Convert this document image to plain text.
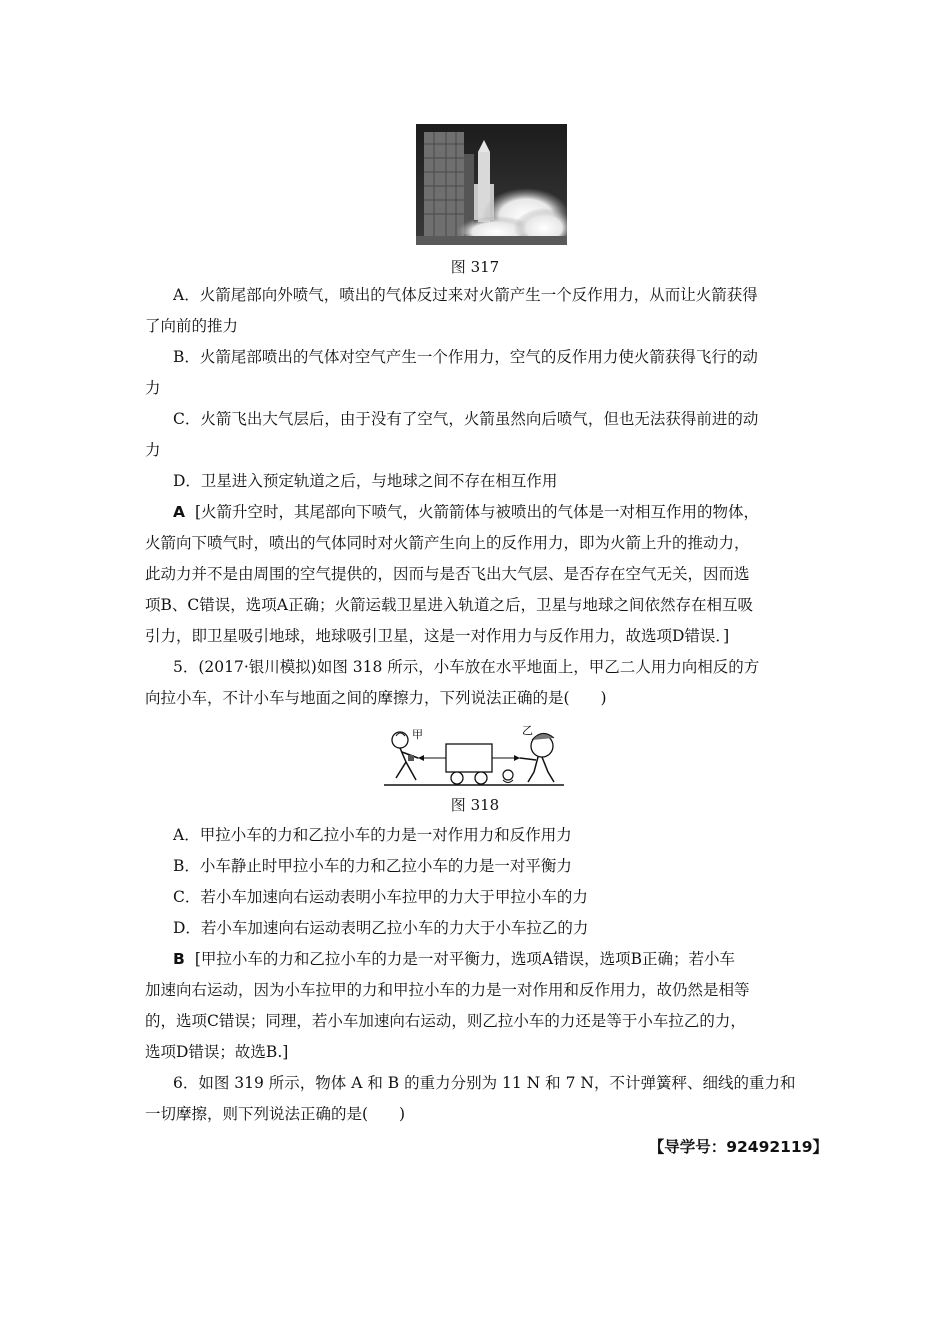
图 317
A．火箭尾部向外喷气，喷出的气体反过来对火箭产生一个反作用力，从而让火箭获得
了向前的推力
B．火箭尾部喷出的气体对空气产生一个作用力，空气的反作用力使火箭获得飞行的动
力
C．火箭飞出大气层后，由于没有了空气，火箭虽然向后喷气，但也无法获得前进的动
力
D．卫星进入预定轨道之后，与地球之间不存在相互作用
A [火箭升空时，其尾部向下喷气，火箭箭体与被喷出的气体是一对相互作用的物体，
火箭向下喷气时，喷出的气体同时对火箭产生向上的反作用力，即为火箭上升的推动力，
此动力并不是由周围的空气提供的，因而与是否飞出大气层、是否存在空气无关，因而选
项B、C错误，选项A正确；火箭运载卫星进入轨道之后，卫星与地球之间依然存在相互吸
引力，即卫星吸引地球，地球吸引卫星，这是一对作用力与反作用力，故选项D错误．]
5．(2017·银川模拟)如图 318 所示，小车放在水平地面上，甲乙二人用力向相反的方
向拉小车，不计小车与地面之间的摩擦力，下列说法正确的是(　　)
甲	乙
图 318
A．甲拉小车的力和乙拉小车的力是一对作用力和反作用力
B．小车静止时甲拉小车的力和乙拉小车的力是一对平衡力
C．若小车加速向右运动表明小车拉甲的力大于甲拉小车的力
D．若小车加速向右运动表明乙拉小车的力大于小车拉乙的力
B [甲拉小车的力和乙拉小车的力是一对平衡力，选项A错误，选项B正确；若小车
加速向右运动，因为小车拉甲的力和甲拉小车的力是一对作用和反作用力，故仍然是相等
的，选项C错误；同理，若小车加速向右运动，则乙拉小车的力还是等于小车拉乙的力，
选项D错误；故选B.]
6．如图 319 所示，物体 A 和 B 的重力分别为 11 N 和 7 N，不计弹簧秤、细线的重力和
一切摩擦，则下列说法正确的是(　　)
【导学号：92492119】
